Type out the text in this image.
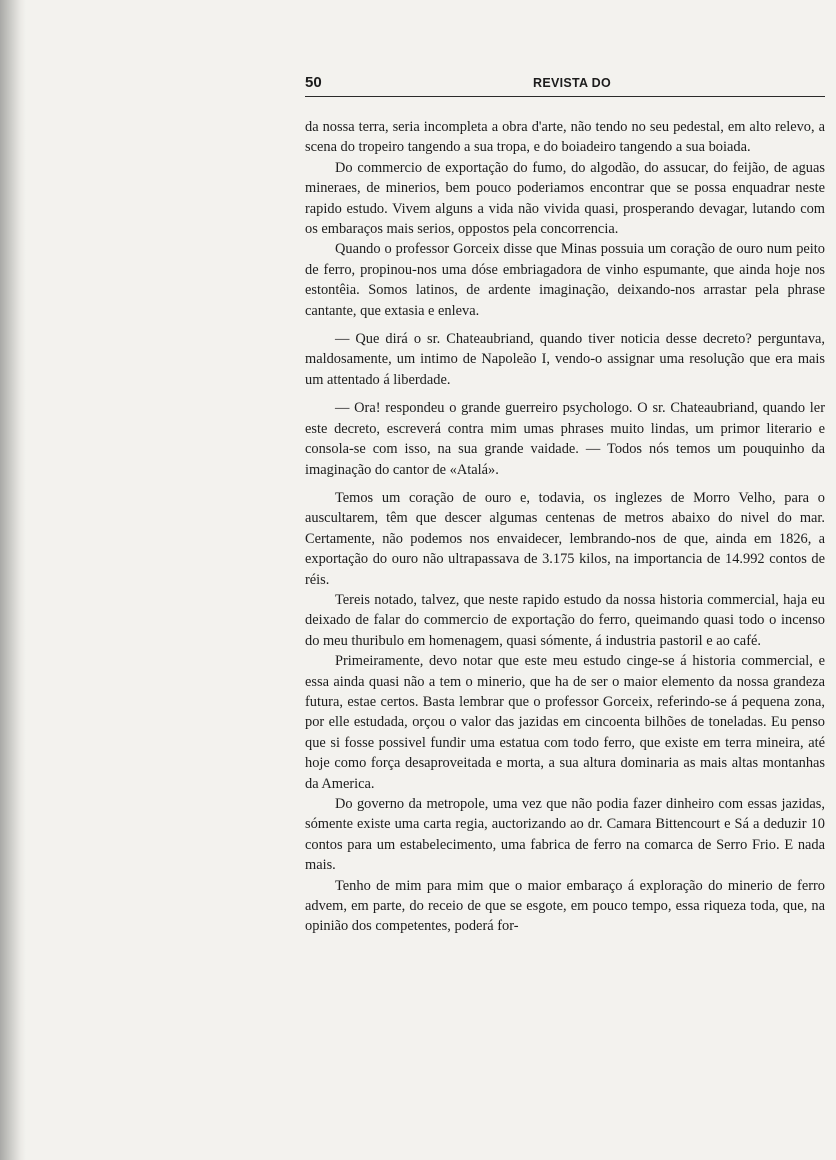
50	REVISTA DO

da nossa terra, seria incompleta a obra d'arte, não tendo no seu pedestal, em alto relevo, a scena do tropeiro tangendo a sua tropa, e do boiadeiro tangendo a sua boiada.

Do commercio de exportação do fumo, do algodão, do assucar, do feijão, de aguas mineraes, de minerios, bem pouco poderiamos encontrar que se possa enquadrar neste rapido estudo. Vivem alguns a vida não vivida quasi, prosperando devagar, lutando com os embaraços mais serios, oppostos pela concorrencia.

Quando o professor Gorceix disse que Minas possuia um coração de ouro num peito de ferro, propinou-nos uma dóse embriagadora de vinho espumante, que ainda hoje nos estontêia. Somos latinos, de ardente imaginação, deixando-nos arrastar pela phrase cantante, que extasia e enleva.

— Que dirá o sr. Chateaubriand, quando tiver noticia desse decreto? perguntava, maldosamente, um intimo de Napoleão I, vendo-o assignar uma resolução que era mais um attentado á liberdade.

— Ora! respondeu o grande guerreiro psychologo. O sr. Chateaubriand, quando ler este decreto, escreverá contra mim umas phrases muito lindas, um primor literario e consola-se com isso, na sua grande vaidade. — Todos nós temos um pouquinho da imaginação do cantor de «Atalá».

Temos um coração de ouro e, todavia, os inglezes de Morro Velho, para o auscultarem, têm que descer algumas centenas de metros abaixo do nivel do mar. Certamente, não podemos nos envaidecer, lembrando-nos de que, ainda em 1826, a exportação do ouro não ultrapassava de 3.175 kilos, na importancia de 14.992 contos de réis.

Tereis notado, talvez, que neste rapido estudo da nossa historia commercial, haja eu deixado de falar do commercio de exportação do ferro, queimando quasi todo o incenso do meu thuribulo em homenagem, quasi sómente, á industria pastoril e ao café.

Primeiramente, devo notar que este meu estudo cinge-se á historia commercial, e essa ainda quasi não a tem o minerio, que ha de ser o maior elemento da nossa grandeza futura, estae certos. Basta lembrar que o professor Gorceix, referindo-se á pequena zona, por elle estudada, orçou o valor das jazidas em cincoenta bilhões de toneladas. Eu penso que si fosse possivel fundir uma estatua com todo ferro, que existe em terra mineira, até hoje como força desaproveitada e morta, a sua altura dominaria as mais altas montanhas da America.

Do governo da metropole, uma vez que não podia fazer dinheiro com essas jazidas, sómente existe uma carta regia, auctorizando ao dr. Camara Bittencourt e Sá a deduzir 10 contos para um estabelecimento, uma fabrica de ferro na comarca de Serro Frio. E nada mais.

Tenho de mim para mim que o maior embaraço á exploração do minerio de ferro advem, em parte, do receio de que se esgote, em pouco tempo, essa riqueza toda, que, na opinião dos competentes, poderá for-
